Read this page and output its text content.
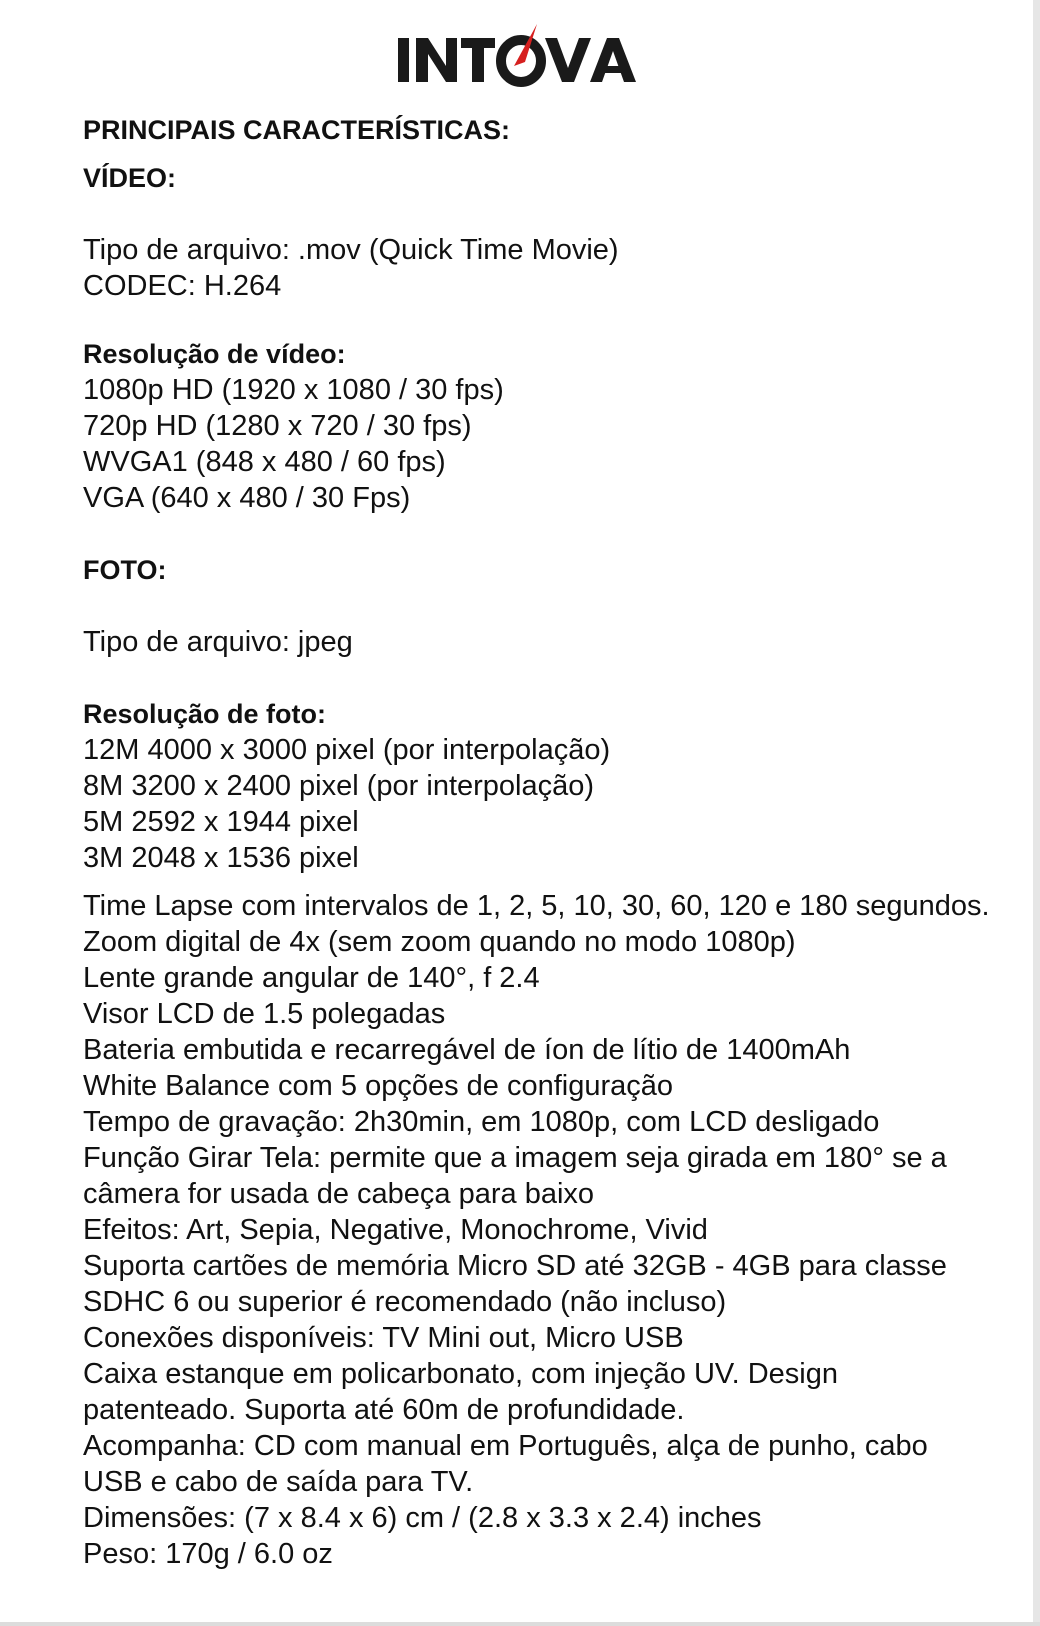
PRINCIPAIS CARACTERÍSTICAS:
VÍDEO:
Tipo de arquivo: .mov (Quick Time Movie)
CODEC: H.264
Resolução de vídeo:
1080p HD (1920 x 1080 / 30 fps)
720p HD (1280 x 720 / 30 fps)
WVGA1 (848 x 480 / 60 fps)
VGA (640 x 480 / 30 Fps)
FOTO:
Tipo de arquivo: jpeg
Resolução de foto:
12M 4000 x 3000 pixel (por interpolação)
8M 3200 x 2400 pixel (por interpolação)
5M 2592 x 1944 pixel
3M 2048 x 1536 pixel
Time Lapse com intervalos de 1, 2, 5, 10, 30, 60, 120 e 180 segundos.
Zoom digital de 4x (sem zoom quando no modo 1080p)
Lente grande angular de 140°, f 2.4
Visor LCD de 1.5 polegadas
Bateria embutida e recarregável de íon de lítio de 1400mAh
White Balance com 5 opções de configuração
Tempo de gravação: 2h30min, em 1080p, com LCD desligado
Função Girar Tela: permite que a imagem seja girada em 180° se a
câmera for usada de cabeça para baixo
Efeitos: Art, Sepia, Negative, Monochrome, Vivid
Suporta cartões de memória Micro SD até 32GB - 4GB para classe
SDHC 6 ou superior é recomendado (não incluso)
Conexões disponíveis: TV Mini out, Micro USB
Caixa estanque em policarbonato, com injeção UV. Design
patenteado. Suporta até 60m de profundidade.
Acompanha: CD com manual em Português, alça de punho, cabo
USB e cabo de saída para TV.
Dimensões: (7 x 8.4 x 6) cm / (2.8 x 3.3 x 2.4) inches
Peso: 170g / 6.0 oz
